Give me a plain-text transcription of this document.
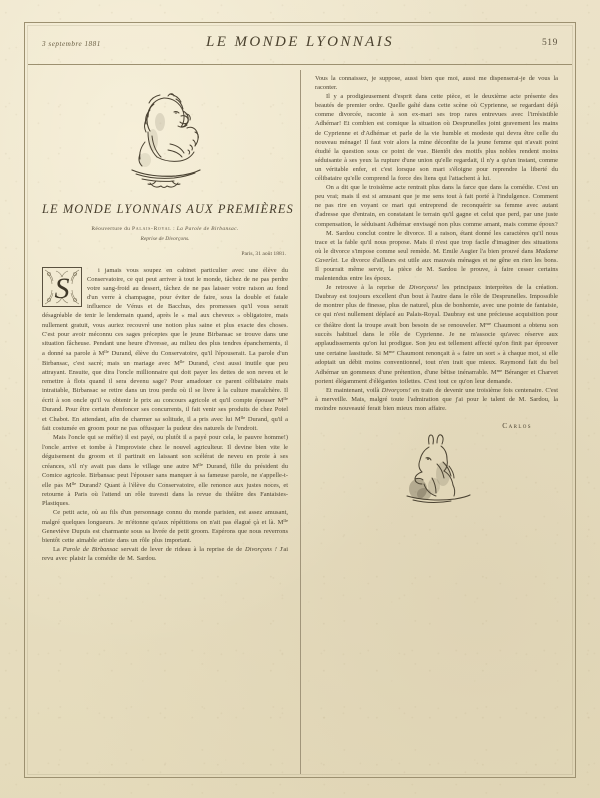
3 septembre 1881	LE MONDE LYONNAIS	519
LE MONDE LYONNAIS AUX PREMIÈRES
Réouverture du Palais-Royal : La Parole de Birbansac.
Reprise de Divorçons.
Paris, 31 août 1881.

S
i jamais vous soupez en cabinet particulier avec une élève du Conservatoire, ce qui peut arriver à tout le monde, tâchez de ne pas perdre votre sang-froid au dessert, tâchez de ne pas laisser votre raison au fond d'un verre à champagne, pour éviter de faire, sous la double et fatale influence de Vénus et de Bacchus, des promesses qu'il vous serait désagréable de tenir le lendemain quand, après le « mal aux cheveux » obligatoire, mais nullement gratuit, vous auriez recouvré une notion plus saine et plus exacte des choses. C'est pour avoir méconnu ces sages préceptes que le jeune Birbansac se trouve dans une situation fâcheuse. Pendant une heure d'ivresse, au milieu des plus tendres épanchements, il a donné sa parole à $M^{lle}$ Durand, élève du Conservatoire, qu'il l'épouserait. La parole d'un Birbansac, c'est sacré; mais un mariage avec $M^{lle}$ Durand, c'est aussi inutile que peu attrayant. Ensuite, que dira l'oncle millionnaire qui doit payer les dettes de son neveu et le remettre à flots quand il sera devenu sage? Pour amadouer ce parent célibataire mais intraitable, Birbansac se retire dans un trou perdu où il se livre à la culture maraîchère. Il écrit à son oncle qu'il va obtenir le prix au concours agricole et qu'il compte épouser $M^{lle}$ Durand. Pour être certain d'enfoncer ses concurrents, il fait venir ses produits de chez Potel et Chabot. En attendant, afin de charmer sa solitude, il a pris avec lui $M^{lle}$ Durand, qu'il a fait costumée en groom pour ne pas offusquer la pudeur des naturels de l'endroit.

Mais l'oncle qui se méfie) il est payé, ou plutôt il a payé pour cela, le pauvre homme!) l'oncle arrive et tombe à l'improviste chez le nouvel agriculteur. Il devine bien vite le déguisement du groom et il partirait en laissant son scélérat de neveu en proie à ses créances, s'il n'y avait pas dans le village une autre $M^{lle}$ Durand, fille du président du Comice agricole. Birbansac peut l'épouser sans manquer à sa fameuse parole, ne s'appelle-t-elle pas $M^{lle}$ Durand? Quant à l'élève du Conservatoire, elle renonce aux justes noces, et retourne à Paris où l'attend un rôle travesti dans la revue du théâtre des Fantaisies-Plastiques.

Ce petit acte, où au fils d'un personnage connu du monde parisien, est assez amusant, malgré quelques longueurs. Je m'étonne qu'aux répétitions on n'ait pas élagué çà et là. $M^{lle}$ Geneviève Dupuis est charmante sous sa livrée de petit groom. Espérons que nous reverrons bientôt cette aimable artiste dans un rôle plus important.

La Parole de Birbansac servait de lever de rideau à la reprise de de Divorçons ! J'ai revu avec plaisir la comédie de M. Sardou.

Vous la connaissez, je suppose, aussi bien que moi, aussi me dispenserai-je de vous la raconter.

Il y a prodigieusement d'esprit dans cette pièce, et le deuxième acte présente des beautés de premier ordre. Quelle gaîté dans cette scène où Cyprienne, se regardant déjà comme divorcée, raconte à son ex-mari ses trop rares entrevues avec l'irrésistible Adhémar! Et combien est comique la situation où Desprunelles joint gravement les mains de Cyprienne et d'Adhémar et parle de la vie humble et modeste qui devra être celle du nouveau ménage! Il faut voir alors la mine déconfite de la jeune femme qui n'avait point étudié la question sous ce point de vue. Bientôt des motifs plus nobles rendent moins séduisante à ses yeux la rupture d'une union qu'elle regardait, il n'y a qu'un instant, comme un véritable enfer, et c'est lorsque son mari s'éloigne pour reprendre la liberté du célibataire qu'elle comprend la force des liens qui l'attachent à lui.

On a dit que le troisième acte rentrait plus dans la farce que dans la comédie. C'est un peu vrai; mais il est si amusant que je me sens tout à fait porté à l'indulgence. Comment ne pas rire en voyant ce mari qui entreprend de reconquérir sa femme avec autant d'adresse que d'entrain, en constatant le terrain qu'il gagne et celui que perd, par une juste compensation, le séduisant Adhémar envisagé non plus comme amant, mais comme époux?

M. Sardou conclut contre le divorce. Il a raison, étant donné les caractères qu'il nous trace et la fable qu'il nous propose. Mais il n'est que trop facile d'imaginer des situations où le divorce s'impose comme seul remède. M. Emile Augier l'a bien prouvé dans Madame Caverlet. Le divorce d'ailleurs est utile aux mauvais ménages et ne gêne en rien les bons. Il pourrait même servir, la pièce de M. Sardou le prouve, à faire cesser certains malentendus entre les époux.

Je retrouve à la reprise de Divorçons! les principaux interprètes de la création. Daubray est toujours excellent d'un bout à l'autre dans le rôle de Desprunelles. Impossible de montrer plus de finesse, plus de naturel, plus de bonhomie, avec une pointe de fantaisie, ce qui n'est nullement déplacé au Palais-Royal. Daubray est une précieuse acquisition pour ce théâtre dont la troupe avait bon besoin de se renouveler. $M^{me}$ Chaumont a obtenu son succès habituel dans le rôle de Cyprienne. Je ne m'associe qu'avec réserve aux applaudissements qu'on lui prodigue. Son jeu est tellement affecté qu'on finit par éprouver une certaine lassitude. Si $M^{me}$ Chaumont renonçait à « faire un sort » à chaque mot, si elle adoptait un débit moins conventionnel, tout n'en irait que mieux. Raymond fait du bel Adhémar un gommeux d'une prétention, d'une bêtise inénarrable. $M^{me}$ Béranger et Charvet portent élégamment d'élégantes toilettes. C'est tout ce qu'on leur demande.

Et maintenant, voilà Divorçons! en train de devenir une troisième fois centenaire. C'est à merveille. Mais, malgré toute l'admiration que j'ai pour le talent de M. Sardou, la moindre nouveauté ferait bien mieux mon affaire.

Carlos
